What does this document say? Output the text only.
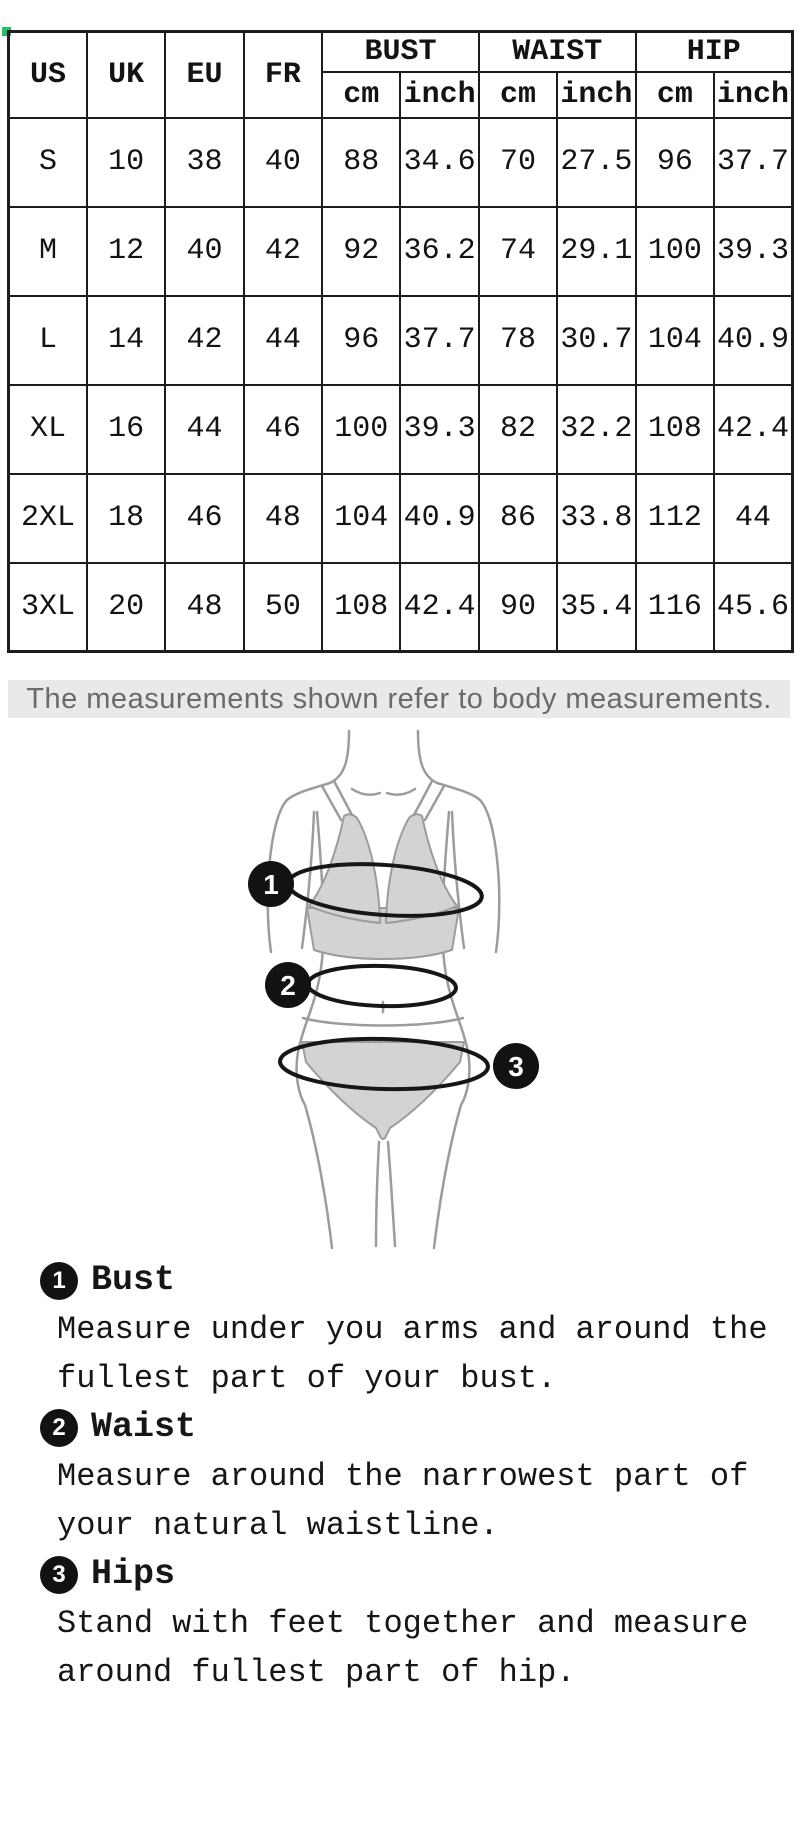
US	UK	EU	FR	BUST		WAIST		HIP	
				cm	inch	cm	inch	cm	inch
S	10	38	40	88	34.6	70	27.5	96	37.7
M	12	40	42	92	36.2	74	29.1	100	39.3
L	14	42	44	96	37.7	78	30.7	104	40.9
XL	16	44	46	100	39.3	82	32.2	108	42.4
2XL	18	46	48	104	40.9	86	33.8	112	44
3XL	20	48	50	108	42.4	90	35.4	116	45.6
The measurements shown refer to body measurements.
1
2
3
1 Bust
Measure under you arms and around the
fullest part of your bust.
2 Waist
Measure around the narrowest part of
your natural waistline.
3 Hips
Stand with feet together and measure
around fullest part of hip.
